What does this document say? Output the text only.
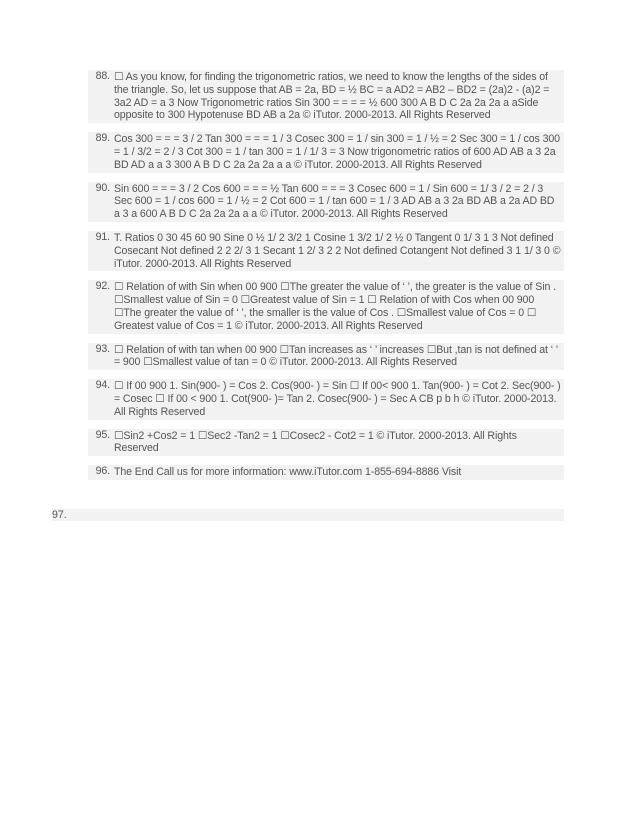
88. ☐ As you know, for finding the trigonometric ratios, we need to know the lengths of the sides of the triangle. So, let us suppose that AB = 2a, BD = ½ BC = a AD2 = AB2 – BD2 = (2a)2 - (a)2 = 3a2 AD = a 3 Now Trigonometric ratios Sin 300 = = = = ½ 600 300 A B D C 2a 2a 2a a aSide opposite to 300 Hypotenuse BD AB a 2a © iTutor. 2000-2013. All Rights Reserved
89. Cos 300 = = = 3 / 2 Tan 300 = = = 1 / 3 Cosec 300 = 1 / sin 300 = 1 / ½ = 2 Sec 300 = 1 / cos 300 = 1 / 3/2 = 2 / 3 Cot 300 = 1 / tan 300 = 1 / 1/ 3 = 3 Now trigonometric ratios of 600 AD AB a 3 2a BD AD a a 3 300 A B D C 2a 2a 2a a a © iTutor. 2000-2013. All Rights Reserved
90. Sin 600 = = = 3 / 2 Cos 600 = = = ½ Tan 600 = = = 3 Cosec 600 = 1 / Sin 600 = 1/ 3 / 2 = 2 / 3 Sec 600 = 1 / cos 600 = 1 / ½ = 2 Cot 600 = 1 / tan 600 = 1 / 3 AD AB a 3 2a BD AB a 2a AD BD a 3 a 600 A B D C 2a 2a 2a a a © iTutor. 2000-2013. All Rights Reserved
91. T. Ratios 0 30 45 60 90 Sine 0 ½ 1/ 2 3/2 1 Cosine 1 3/2 1/ 2 ½ 0 Tangent 0 1/ 3 1 3 Not defined Cosecant Not defined 2 2 2/ 3 1 Secant 1 2/ 3 2 2 Not defined Cotangent Not defined 3 1 1/ 3 0 © iTutor. 2000-2013. All Rights Reserved
92. ☐ Relation of with Sin when 00 900 ☐The greater the value of ‘ ’, the greater is the value of Sin . ☐Smallest value of Sin = 0 ☐Greatest value of Sin = 1 ☐ Relation of with Cos when 00 900 ☐The greater the value of ‘ ’, the smaller is the value of Cos . ☐Smallest value of Cos = 0 ☐ Greatest value of Cos = 1 © iTutor. 2000-2013. All Rights Reserved
93. ☐ Relation of with tan when 00 900 ☐Tan increases as ‘ ’ increases ☐But ,tan is not defined at ‘ ’ = 900 ☐Smallest value of tan = 0 © iTutor. 2000-2013. All Rights Reserved
94. ☐ If 00 900 1. Sin(900- ) = Cos 2. Cos(900- ) = Sin ☐ If 00< 900 1. Tan(900- ) = Cot 2. Sec(900- ) = Cosec ☐ If 00 < 900 1. Cot(900- )= Tan 2. Cosec(900- ) = Sec A CB p b h © iTutor. 2000-2013. All Rights Reserved
95. ☐Sin2 +Cos2 = 1 ☐Sec2 -Tan2 = 1 ☐Cosec2 - Cot2 = 1 © iTutor. 2000-2013. All Rights Reserved
96. The End Call us for more information: www.iTutor.com 1-855-694-8886 Visit
97.
